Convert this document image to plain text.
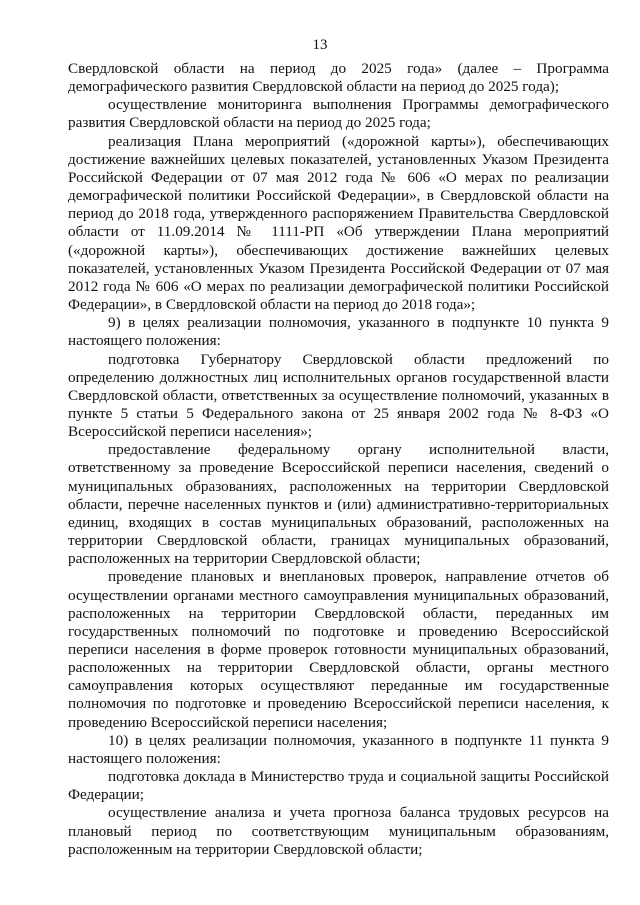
13

Свердловской области на период до 2025 года» (далее – Программа демографического развития Свердловской области на период до 2025 года);

осуществление мониторинга выполнения Программы демографического развития Свердловской области на период до 2025 года;

реализация Плана мероприятий («дорожной карты»), обеспечивающих достижение важнейших целевых показателей, установленных Указом Президента Российской Федерации от 07 мая 2012 года № 606 «О мерах по реализации демографической политики Российской Федерации», в Свердловской области на период до 2018 года, утвержденного распоряжением Правительства Свердловской области от 11.09.2014 № 1111-РП «Об утверждении Плана мероприятий («дорожной карты»), обеспечивающих достижение важнейших целевых показателей, установленных Указом Президента Российской Федерации от 07 мая 2012 года № 606 «О мерах по реализации демографической политики Российской Федерации», в Свердловской области на период до 2018 года»;

9) в целях реализации полномочия, указанного в подпункте 10 пункта 9 настоящего положения:

подготовка Губернатору Свердловской области предложений по определению должностных лиц исполнительных органов государственной власти Свердловской области, ответственных за осуществление полномочий, указанных в пункте 5 статьи 5 Федерального закона от 25 января 2002 года № 8-ФЗ «О Всероссийской переписи населения»;

предоставление федеральному органу исполнительной власти, ответственному за проведение Всероссийской переписи населения, сведений о муниципальных образованиях, расположенных на территории Свердловской области, перечне населенных пунктов и (или) административно-территориальных единиц, входящих в состав муниципальных образований, расположенных на территории Свердловской области, границах муниципальных образований, расположенных на территории Свердловской области;

проведение плановых и внеплановых проверок, направление отчетов об осуществлении органами местного самоуправления муниципальных образований, расположенных на территории Свердловской области, переданных им государственных полномочий по подготовке и проведению Всероссийской переписи населения в форме проверок готовности муниципальных образований, расположенных на территории Свердловской области, органы местного самоуправления которых осуществляют переданные им государственные полномочия по подготовке и проведению Всероссийской переписи населения, к проведению Всероссийской переписи населения;

10) в целях реализации полномочия, указанного в подпункте 11 пункта 9 настоящего положения:

подготовка доклада в Министерство труда и социальной защиты Российской Федерации;

осуществление анализа и учета прогноза баланса трудовых ресурсов на плановый период по соответствующим муниципальным образованиям, расположенным на территории Свердловской области;
